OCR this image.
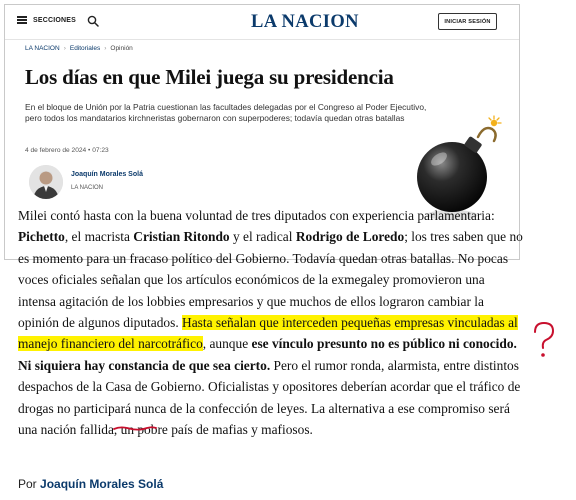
SECCIONES	LA NACION	INICIAR SESIÓN
LA NACION › Editoriales › Opinión
Los días en que Milei juega su presidencia

En el bloque de Unión por la Patria cuestionan las facultades delegadas por el Congreso al Poder Ejecutivo, pero todos los mandatarios kirchneristas gobernaron con superpoderes; todavía quedan otras batallas

4 de febrero de 2024 • 07:23
Joaquín Morales Solá
LA NACION

Milei contó hasta con la buena voluntad de tres diputados con experiencia parlamentaria: Pichetto, el macrista Cristian Ritondo y el radical Rodrigo de Loredo; los tres saben que no es momento para un fracaso político del Gobierno. Todavía quedan otras batallas. No pocas voces oficiales señalan que los artículos económicos de la exmegaley promovieron una intensa agitación de los lobbies empresarios y que muchos de ellos lograron cambiar la opinión de algunos diputados. Hasta señalan que interceden pequeñas empresas vinculadas al manejo financiero del narcotráfico, aunque ese vínculo presunto no es público ni conocido. Ni siquiera hay constancia de que sea cierto. Pero el rumor ronda, alarmista, entre distintos despachos de la Casa de Gobierno. Oficialistas y opositores deberían acordar que el tráfico de drogas no participará nunca de la confección de leyes. La alternativa a ese compromiso será una nación fallida, un pobre país de mafias y mafiosos.

Por Joaquín Morales Solá
